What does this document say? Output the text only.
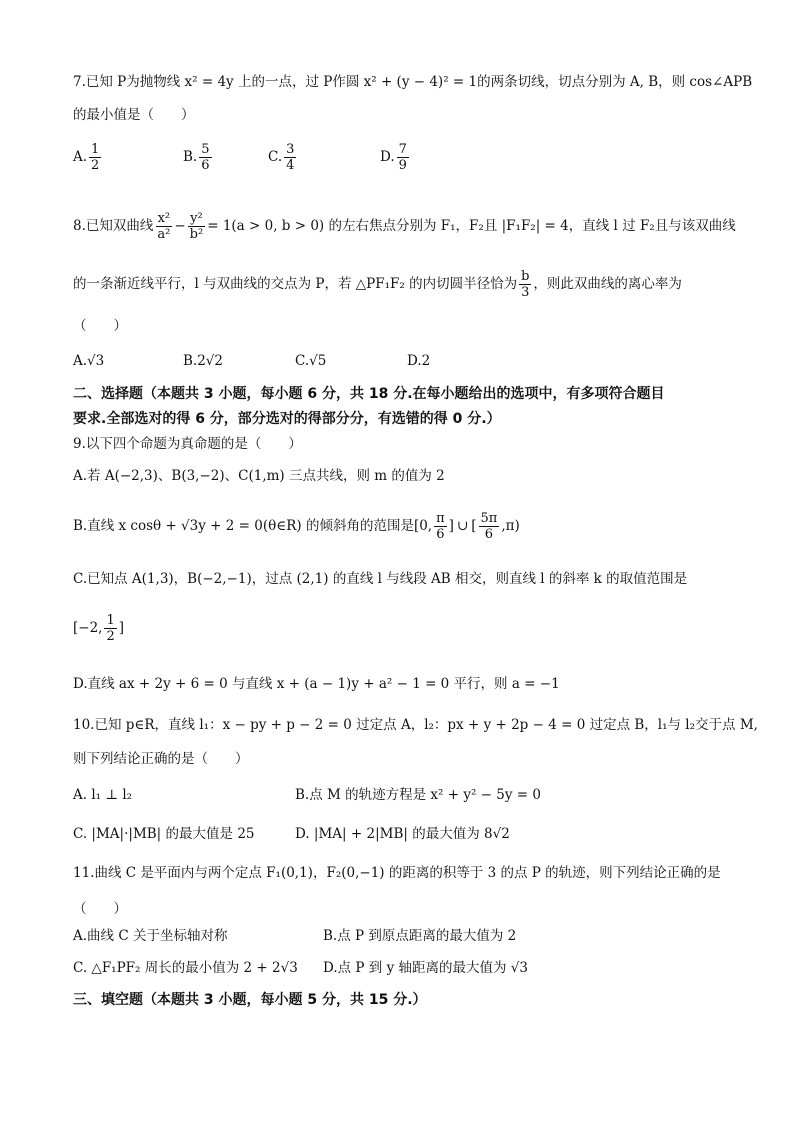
7.已知 P为抛物线 x² = 4y 上的一点，过 P作圆 x² + (y − 4)² = 1的两条切线，切点分别为 A, B，则 cos∠APB
的最小值是（　　）
A. $\frac{1}{2}$	B. $\frac{5}{6}$	C. $\frac{3}{4}$	D. $\frac{7}{9}$
8.已知双曲线 $\frac{\text{x²}}{\text{a²}} - \frac{\text{y²}}{\text{b²}} = 1(a > 0$, b > 0) 的左右焦点分别为 F₁，F₂且 |F₁F₂| = 4，直线 l 过 F₂且与该双曲线
的一条渐近线平行，l 与双曲线的交点为 P，若 △PF₁F₂ 的内切圆半径恰为 $\frac{b}{3}$ ，则此双曲线的离心率为
（　　）
A. √3	B. 2√2	C. √5	D. 2
二、选择题（本题共 3 小题，每小题 6 分，共 18 分.在每小题给出的选项中，有多项符合题目
要求.全部选对的得 6 分，部分选对的得部分分，有选错的得 0 分.）
9.以下四个命题为真命题的是（　　）
A.若 A(−2,3)、B(3,−2)、C(1,m) 三点共线，则 m 的值为 2
B.直线 x cosθ + √3y + 2 = 0(θ∈R) 的倾斜角的范围是 [0, $\frac{\pi}{6}$ ] ∪ [ $\frac{5\pi}{6} ,\pi$)
C.已知点 A(1,3)，B(−2,−1)，过点 (2,1) 的直线 l 与线段 AB 相交，则直线 l 的斜率 k 的取值范围是
[−2, $\frac{1}{2}$ ]
D.直线 ax + 2y + 6 = 0 与直线 x + (a − 1)y + a² − 1 = 0 平行，则 a = −1
10.已知 p∈R，直线 l₁：x − py + p − 2 = 0 过定点 A，l₂：px + y + 2p − 4 = 0 过定点 B，l₁与 l₂交于点 M,
则下列结论正确的是（　　）
A. l₁ ⊥ l₂	B.点 M 的轨迹方程是 x² + y² − 5y = 0
C. |MA|·|MB| 的最大值是 25	D. |MA| + 2|MB| 的最大值为 8√2
11.曲线 C 是平面内与两个定点 F₁(0,1)，F₂(0,−1) 的距离的积等于 3 的点 P 的轨迹，则下列结论正确的是
（　　）
A.曲线 C 关于坐标轴对称	B.点 P 到原点距离的最大值为 2
C. △F₁PF₂ 周长的最小值为 2 + 2√3 D.点 P 到 y 轴距离的最大值为 √3
三、填空题（本题共 3 小题，每小题 5 分，共 15 分.）
